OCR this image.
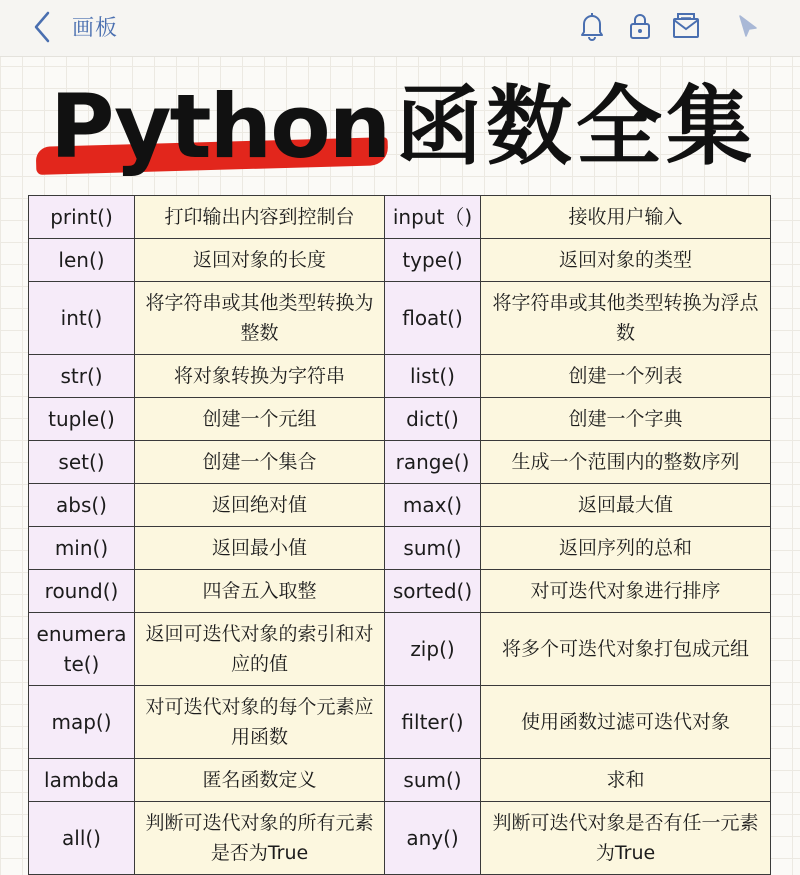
画板
Python 函数全集
print()	打印输出内容到控制台	input（)	接收用户输入
len()	返回对象的长度	type()	返回对象的类型
int()	将字符串或其他类型转换为整数	float()	将字符串或其他类型转换为浮点数
str()	将对象转换为字符串	list()	创建一个列表
tuple()	创建一个元组	dict()	创建一个字典
set()	创建一个集合	range()	生成一个范围内的整数序列
abs()	返回绝对值	max()	返回最大值
min()	返回最小值	sum()	返回序列的总和
round()	四舍五入取整	sorted()	对可迭代对象进行排序
enumerate()	返回可迭代对象的索引和对应的值	zip()	将多个可迭代对象打包成元组
map()	对可迭代对象的每个元素应用函数	filter()	使用函数过滤可迭代对象
lambda	匿名函数定义	sum()	求和
all()	判断可迭代对象的所有元素是否为True	any()	判断可迭代对象是否有任一元素为True
